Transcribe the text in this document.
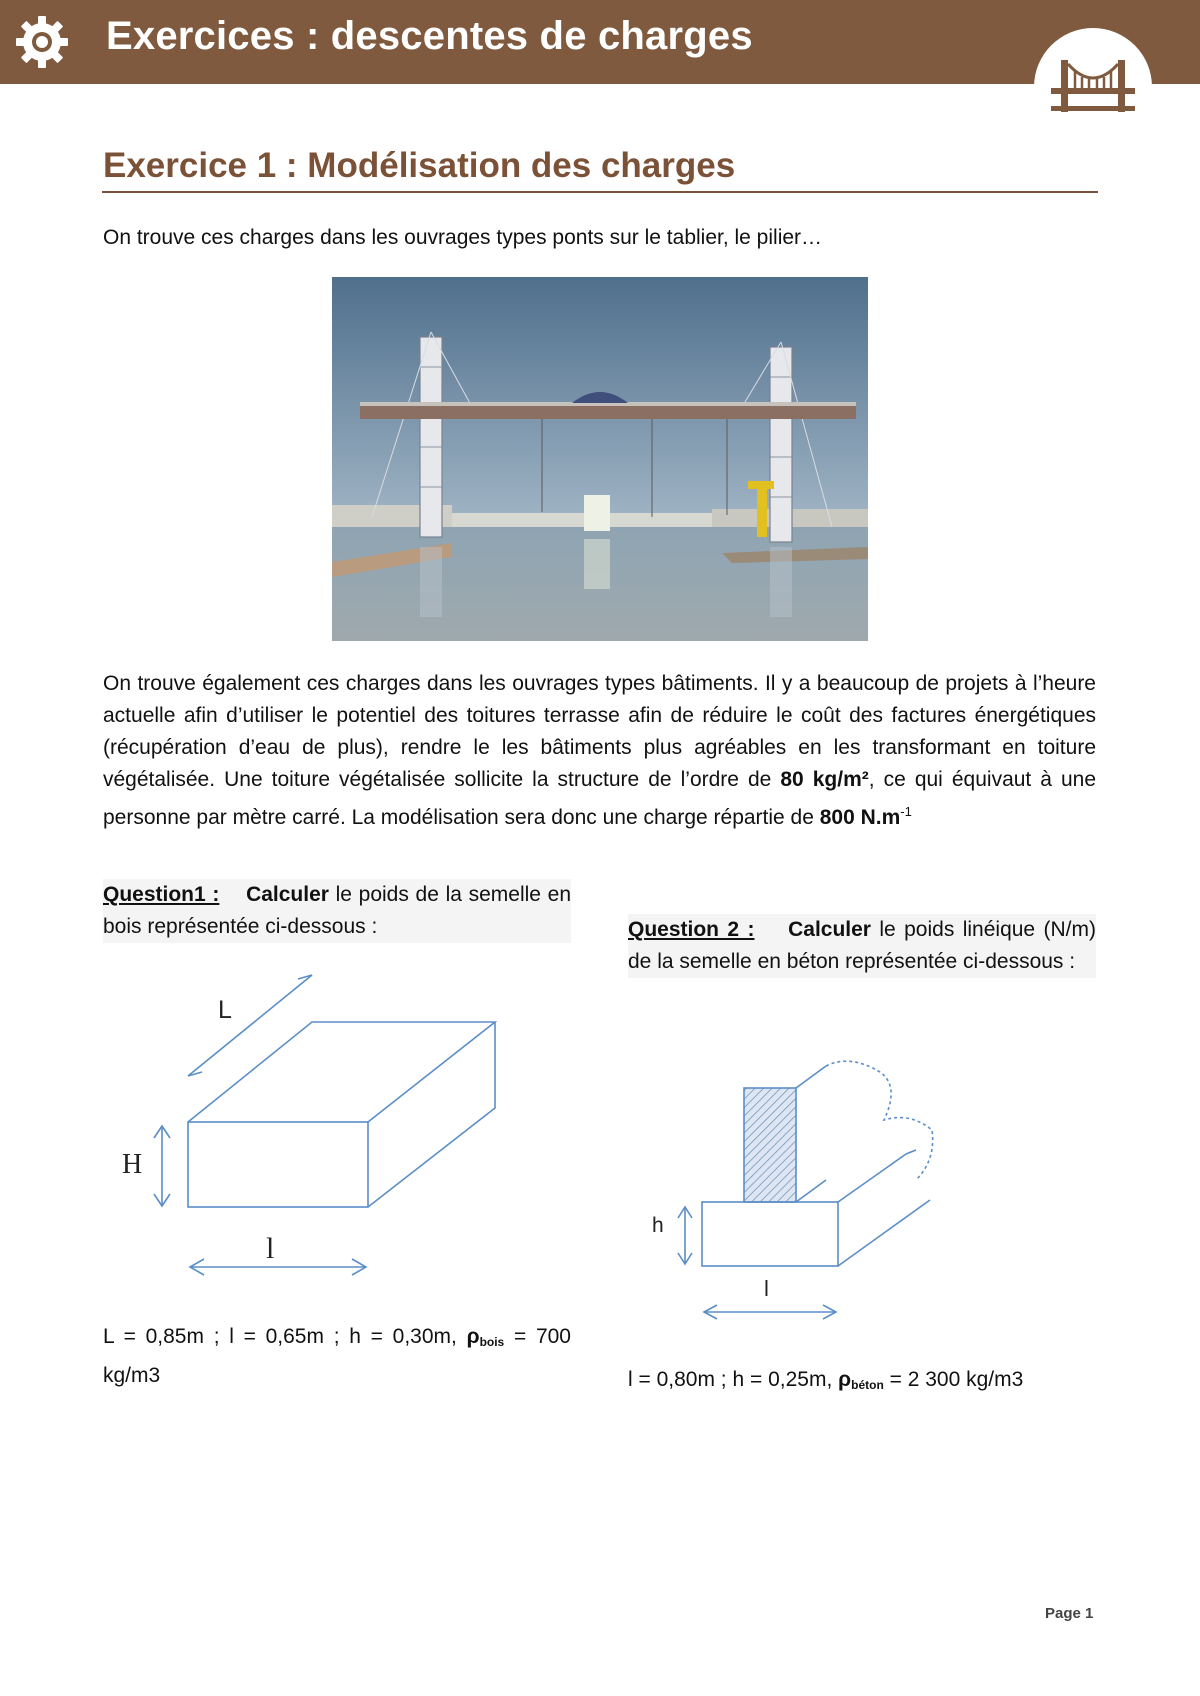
Exercices : descentes de charges
Exercice 1 : Modélisation des charges
On trouve ces charges dans les ouvrages types ponts sur le tablier, le pilier…
On trouve également ces charges dans les ouvrages types bâtiments. Il y a beaucoup de projets à l’heure actuelle afin d’utiliser le potentiel des toitures terrasse afin de réduire le coût des factures énergétiques (récupération d’eau de plus), rendre le les bâtiments plus agréables en les transformant en toiture végétalisée. Une toiture végétalisée sollicite la structure de l’ordre de 80 kg/m², ce qui équivaut à une personne par mètre carré. La modélisation sera donc une charge répartie de 800 $N.m^{-1}$
Question1 : Calculer le poids de la semelle en bois représentée ci-dessous :	Question 2 : Calculer le poids linéique (N/m) de la semelle en béton représentée ci-dessous :
L
H
l
h
l
L = 0,85m ; l = 0,65m ; h = 0,30m, $\rho_{bois} = 700$ kg/m3	l = 0,80m ; h = 0,25m, $\rho_{béton} = 2$ 300 kg/m3
Page 1
